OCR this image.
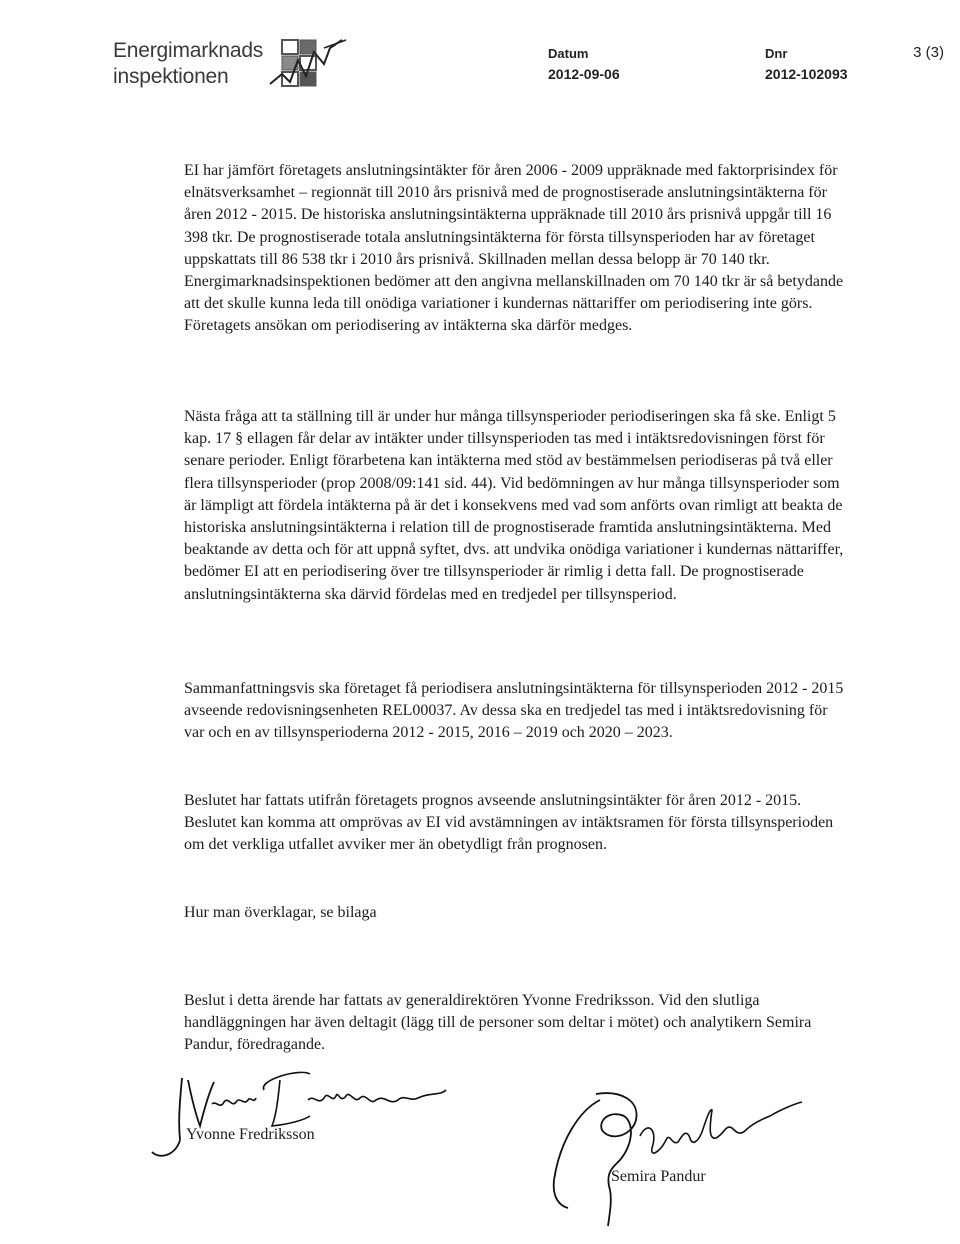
Energimarknads
inspektionen
Datum
2012-09-06
Dnr
2012-102093
3 (3)

EI har jämfört företagets anslutningsintäkter för åren 2006 - 2009 uppräknade med faktorprisindex för elnätsverksamhet – regionnät till 2010 års prisnivå med de prognostiserade anslutningsintäkterna för åren 2012 - 2015. De historiska anslutningsintäkterna uppräknade till 2010 års prisnivå uppgår till 16 398 tkr. De prognostiserade totala anslutningsintäkterna för första tillsynsperioden har av företaget uppskattats till 86 538 tkr i 2010 års prisnivå. Skillnaden mellan dessa belopp är 70 140 tkr. Energimarknadsinspektionen bedömer att den angivna mellanskillnaden om 70 140 tkr är så betydande att det skulle kunna leda till onödiga variationer i kundernas nättariffer om periodisering inte görs. Företagets ansökan om periodisering av intäkterna ska därför medges.

Nästa fråga att ta ställning till är under hur många tillsynsperioder periodiseringen ska få ske. Enligt 5 kap. 17 § ellagen får delar av intäkter under tillsynsperioden tas med i intäktsredovisningen först för senare perioder. Enligt förarbetena kan intäkterna med stöd av bestämmelsen periodiseras på två eller flera tillsynsperioder (prop 2008/09:141 sid. 44). Vid bedömningen av hur många tillsynsperioder som är lämpligt att fördela intäkterna på är det i konsekvens med vad som anförts ovan rimligt att beakta de historiska anslutningsintäkterna i relation till de prognostiserade framtida anslutningsintäkterna. Med beaktande av detta och för att uppnå syftet, dvs. att undvika onödiga variationer i kundernas nättariffer, bedömer EI att en periodisering över tre tillsynsperioder är rimlig i detta fall. De prognostiserade anslutningsintäkterna ska därvid fördelas med en tredjedel per tillsynsperiod.

Sammanfattningsvis ska företaget få periodisera anslutningsintäkterna för tillsynsperioden 2012 - 2015 avseende redovisningsenheten REL00037. Av dessa ska en tredjedel tas med i intäktsredovisning för var och en av tillsynsperioderna 2012 - 2015, 2016 – 2019 och 2020 – 2023.

Beslutet har fattats utifrån företagets prognos avseende anslutningsintäkter för åren 2012 - 2015. Beslutet kan komma att omprövas av EI vid avstämningen av intäktsramen för första tillsynsperioden om det verkliga utfallet avviker mer än obetydligt från prognosen.

Hur man överklagar, se bilaga

Beslut i detta ärende har fattats av generaldirektören Yvonne Fredriksson. Vid den slutliga handläggningen har även deltagit (lägg till de personer som deltar i mötet) och analytikern Semira Pandur, föredragande.

Yvonne Fredriksson
Semira Pandur
